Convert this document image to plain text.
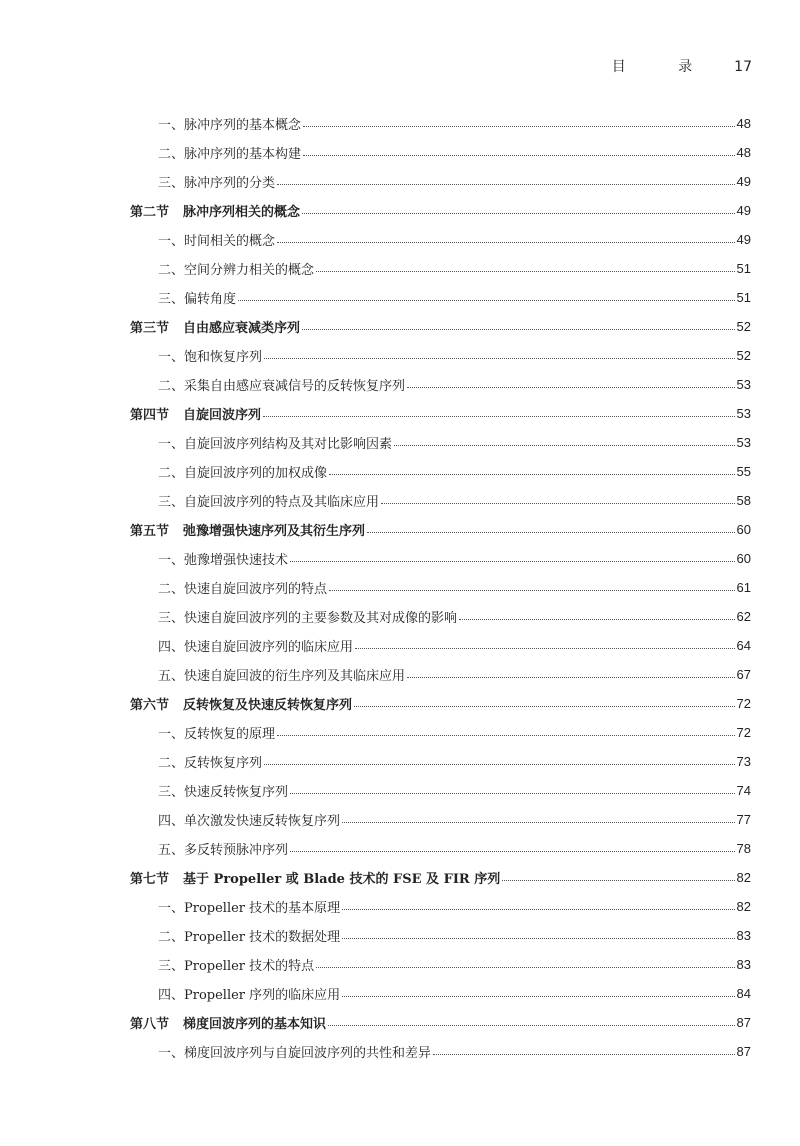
目 录 17
一、脉冲序列的基本概念	48
二、脉冲序列的基本构建	48
三、脉冲序列的分类	49
第二节 脉冲序列相关的概念	49
一、时间相关的概念	49
二、空间分辨力相关的概念	51
三、偏转角度	51
第三节 自由感应衰减类序列	52
一、饱和恢复序列	52
二、采集自由感应衰减信号的反转恢复序列	53
第四节 自旋回波序列	53
一、自旋回波序列结构及其对比影响因素	53
二、自旋回波序列的加权成像	55
三、自旋回波序列的特点及其临床应用	58
第五节 弛豫增强快速序列及其衍生序列	60
一、弛豫增强快速技术	60
二、快速自旋回波序列的特点	61
三、快速自旋回波序列的主要参数及其对成像的影响	62
四、快速自旋回波序列的临床应用	64
五、快速自旋回波的衍生序列及其临床应用	67
第六节 反转恢复及快速反转恢复序列	72
一、反转恢复的原理	72
二、反转恢复序列	73
三、快速反转恢复序列	74
四、单次激发快速反转恢复序列	77
五、多反转预脉冲序列	78
第七节 基于 Propeller 或 Blade 技术的 FSE 及 FIR 序列	82
一、Propeller 技术的基本原理	82
二、Propeller 技术的数据处理	83
三、Propeller 技术的特点	83
四、Propeller 序列的临床应用	84
第八节 梯度回波序列的基本知识	87
一、梯度回波序列与自旋回波序列的共性和差异	87
